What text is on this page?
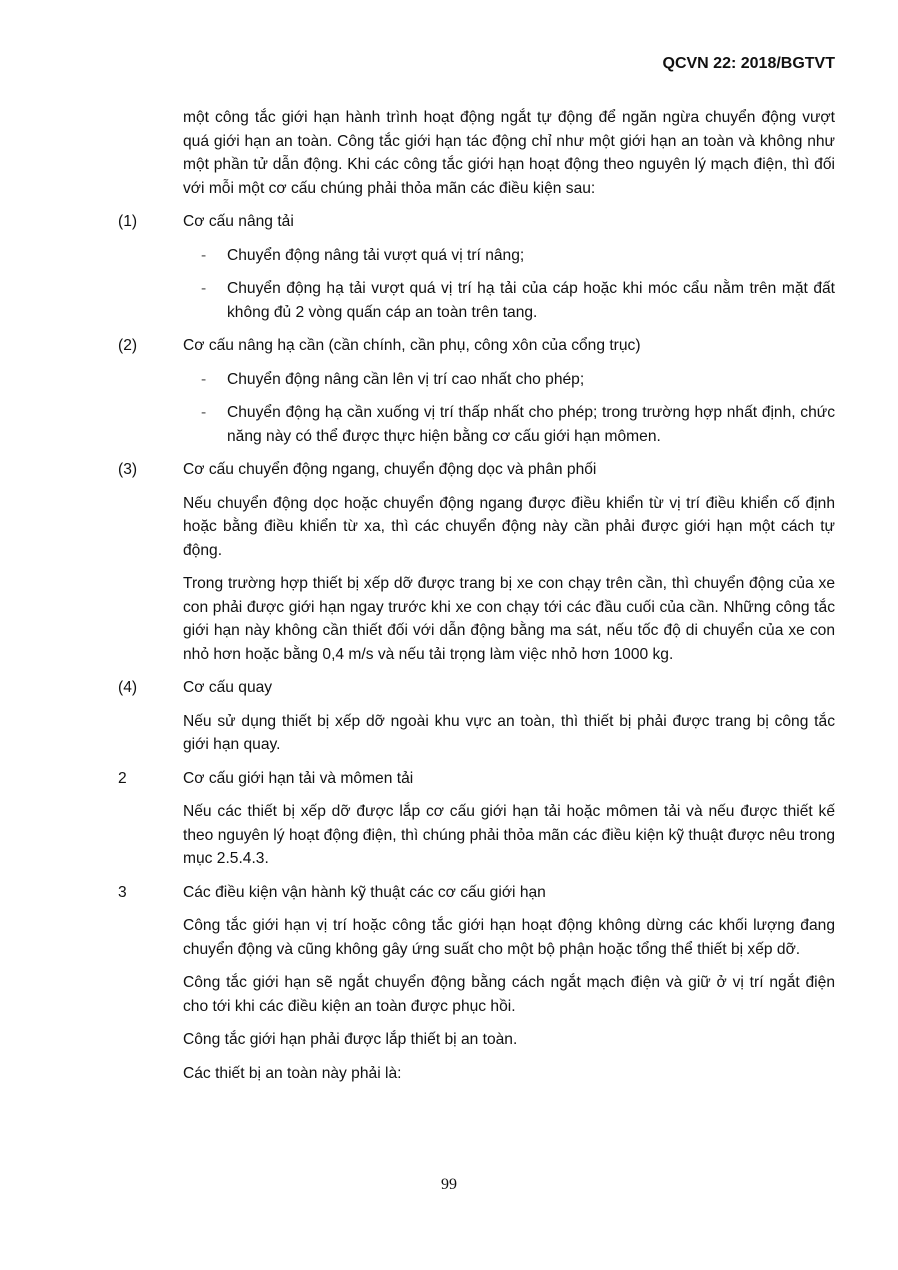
QCVN 22: 2018/BGTVT

một công tắc giới hạn hành trình hoạt động ngắt tự động để ngăn ngừa chuyển động vượt quá giới hạn an toàn. Công tắc giới hạn tác động chỉ như một giới hạn an toàn và không như một phần tử dẫn động. Khi các công tắc giới hạn hoạt động theo nguyên lý mạch điện, thì đối với mỗi một cơ cấu chúng phải thỏa mãn các điều kiện sau:

(1)	Cơ cấu nâng tải
- Chuyển động nâng tải vượt quá vị trí nâng;
- Chuyển động hạ tải vượt quá vị trí hạ tải của cáp hoặc khi móc cẩu nằm trên mặt đất không đủ 2 vòng quấn cáp an toàn trên tang.
(2)	Cơ cấu nâng hạ cần (cần chính, cần phụ, công xôn của cổng trục)
- Chuyển động nâng cần lên vị trí cao nhất cho phép;
- Chuyển động hạ cần xuống vị trí thấp nhất cho phép; trong trường hợp nhất định, chức năng này có thể được thực hiện bằng cơ cấu giới hạn mômen.
(3)	Cơ cấu chuyển động ngang, chuyển động dọc và phân phối

Nếu chuyển động dọc hoặc chuyển động ngang được điều khiển từ vị trí điều khiển cố định hoặc bằng điều khiển từ xa, thì các chuyển động này cần phải được giới hạn một cách tự động.

Trong trường hợp thiết bị xếp dỡ được trang bị xe con chạy trên cần, thì chuyển động của xe con phải được giới hạn ngay trước khi xe con chạy tới các đầu cuối của cần. Những công tắc giới hạn này không cần thiết đối với dẫn động bằng ma sát, nếu tốc độ di chuyển của xe con nhỏ hơn hoặc bằng 0,4 m/s và nếu tải trọng làm việc nhỏ hơn 1000 kg.

(4)	Cơ cấu quay

Nếu sử dụng thiết bị xếp dỡ ngoài khu vực an toàn, thì thiết bị phải được trang bị công tắc giới hạn quay.

2	Cơ cấu giới hạn tải và mômen tải

Nếu các thiết bị xếp dỡ được lắp cơ cấu giới hạn tải hoặc mômen tải và nếu được thiết kế theo nguyên lý hoạt động điện, thì chúng phải thỏa mãn các điều kiện kỹ thuật được nêu trong mục 2.5.4.3.

3	Các điều kiện vận hành kỹ thuật các cơ cấu giới hạn

Công tắc giới hạn vị trí hoặc công tắc giới hạn hoạt động không dừng các khối lượng đang chuyển động và cũng không gây ứng suất cho một bộ phận hoặc tổng thể thiết bị xếp dỡ.

Công tắc giới hạn sẽ ngắt chuyển động bằng cách ngắt mạch điện và giữ ở vị trí ngắt điện cho tới khi các điều kiện an toàn được phục hồi.

Công tắc giới hạn phải được lắp thiết bị an toàn.

Các thiết bị an toàn này phải là:

99
